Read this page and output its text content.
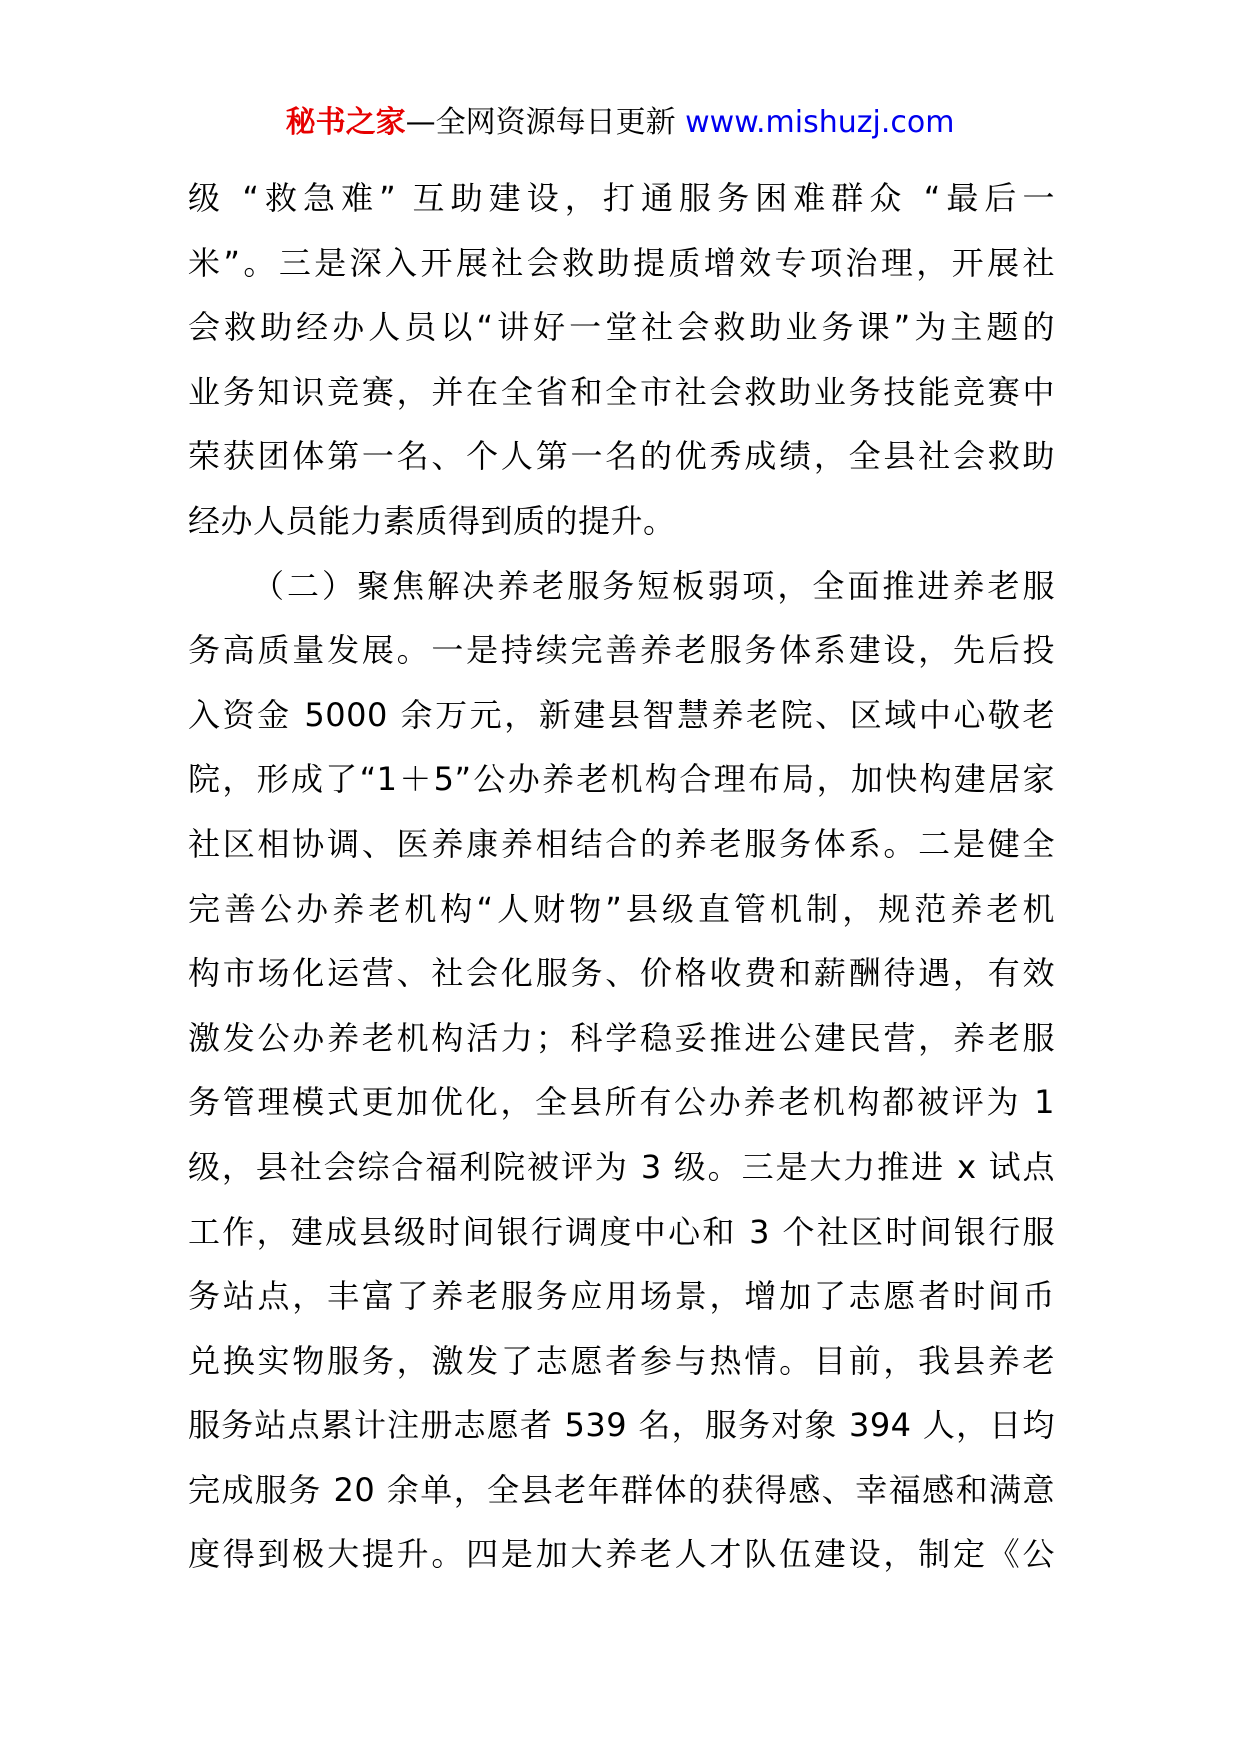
秘书之家—全网资源每日更新 www.mishuzj.com
级 “救急难” 互助建设，打通服务困难群众 “最后一
米”。三是深入开展社会救助提质增效专项治理，开展社
会救助经办人员以“讲好一堂社会救助业务课”为主题的
业务知识竞赛，并在全省和全市社会救助业务技能竞赛中
荣获团体第一名、个人第一名的优秀成绩，全县社会救助
经办人员能力素质得到质的提升。
（二）聚焦解决养老服务短板弱项，全面推进养老服
务高质量发展。一是持续完善养老服务体系建设，先后投
入资金 5000 余万元，新建县智慧养老院、区域中心敬老
院，形成了“1＋5”公办养老机构合理布局，加快构建居家
社区相协调、医养康养相结合的养老服务体系。二是健全
完善公办养老机构“人财物”县级直管机制，规范养老机
构市场化运营、社会化服务、价格收费和薪酬待遇，有效
激发公办养老机构活力；科学稳妥推进公建民营，养老服
务管理模式更加优化，全县所有公办养老机构都被评为 1
级，县社会综合福利院被评为 3 级。三是大力推进 x 试点
工作，建成县级时间银行调度中心和 3 个社区时间银行服
务站点，丰富了养老服务应用场景，增加了志愿者时间币
兑换实物服务，激发了志愿者参与热情。目前，我县养老
服务站点累计注册志愿者 539 名，服务对象 394 人，日均
完成服务 20 余单，全县老年群体的获得感、幸福感和满意
度得到极大提升。四是加大养老人才队伍建设，制定《公
